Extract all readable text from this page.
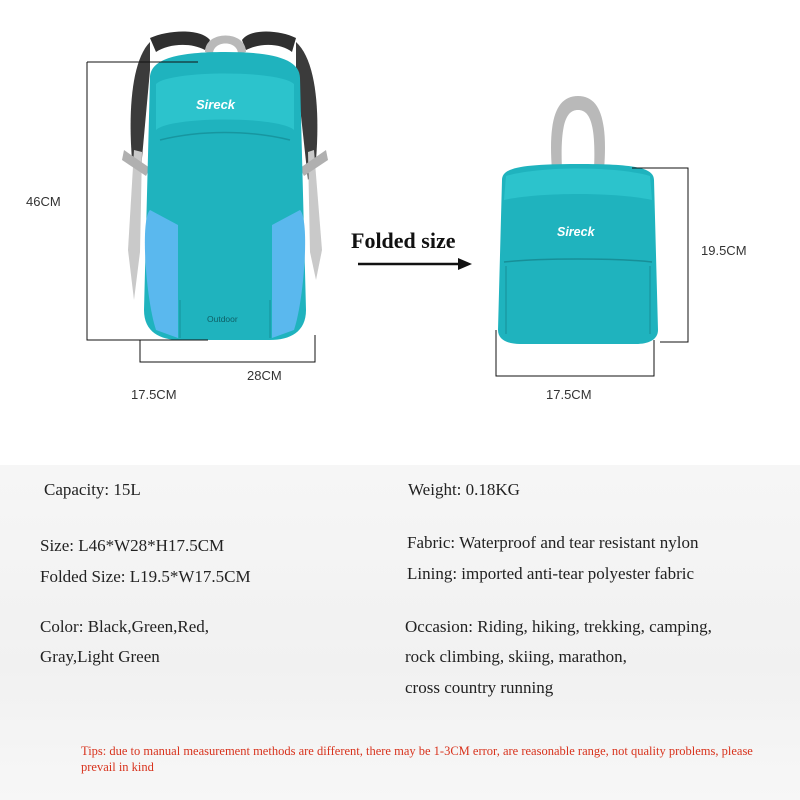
Sireck
Outdoor
Sireck
46CM
28CM
17.5CM
19.5CM
17.5CM
Folded size
Capacity: 15L	Weight: 0.18KG
Size: L46*W28*H17.5CM	Fabric: Waterproof and tear resistant nylon
Folded Size: L19.5*W17.5CM	Lining: imported anti-tear polyester fabric
Color: Black,Green,Red,
Gray,Light Green
Occasion: Riding, hiking, trekking, camping,
rock climbing, skiing, marathon,
cross country running
Tips: due to manual measurement methods are different, there may be 1-3CM error, are reasonable range, not quality problems, please prevail in kind
